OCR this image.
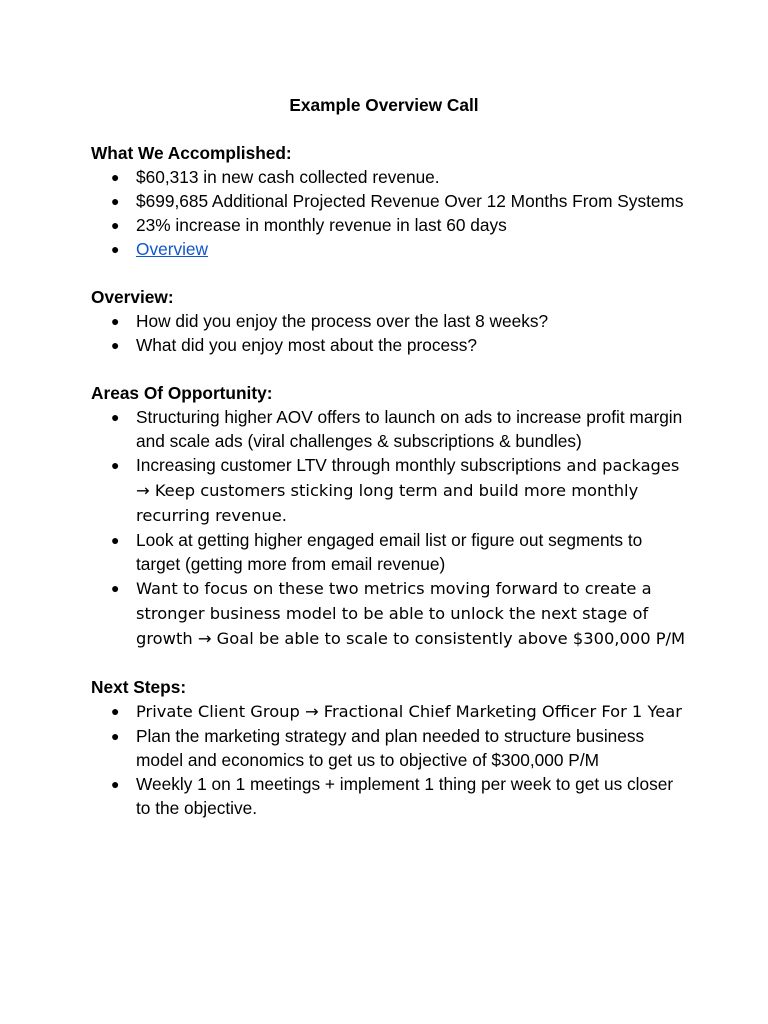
Example Overview Call
What We Accomplished:
● $60,313 in new cash collected revenue.
● $699,685 Additional Projected Revenue Over 12 Months From Systems
● 23% increase in monthly revenue in last 60 days
● Overview
Overview:
● How did you enjoy the process over the last 8 weeks?
● What did you enjoy most about the process?
Areas Of Opportunity:
● Structuring higher AOV offers to launch on ads to increase profit margin and scale ads (viral challenges & subscriptions & bundles)
● Increasing customer LTV through monthly subscriptions and packages → Keep customers sticking long term and build more monthly recurring revenue.
● Look at getting higher engaged email list or figure out segments to target (getting more from email revenue)
● Want to focus on these two metrics moving forward to create a stronger business model to be able to unlock the next stage of growth → Goal be able to scale to consistently above $300,000 P/M
Next Steps:
● Private Client Group → Fractional Chief Marketing Officer For 1 Year
● Plan the marketing strategy and plan needed to structure business model and economics to get us to objective of $300,000 P/M
● Weekly 1 on 1 meetings + implement 1 thing per week to get us closer to the objective.
